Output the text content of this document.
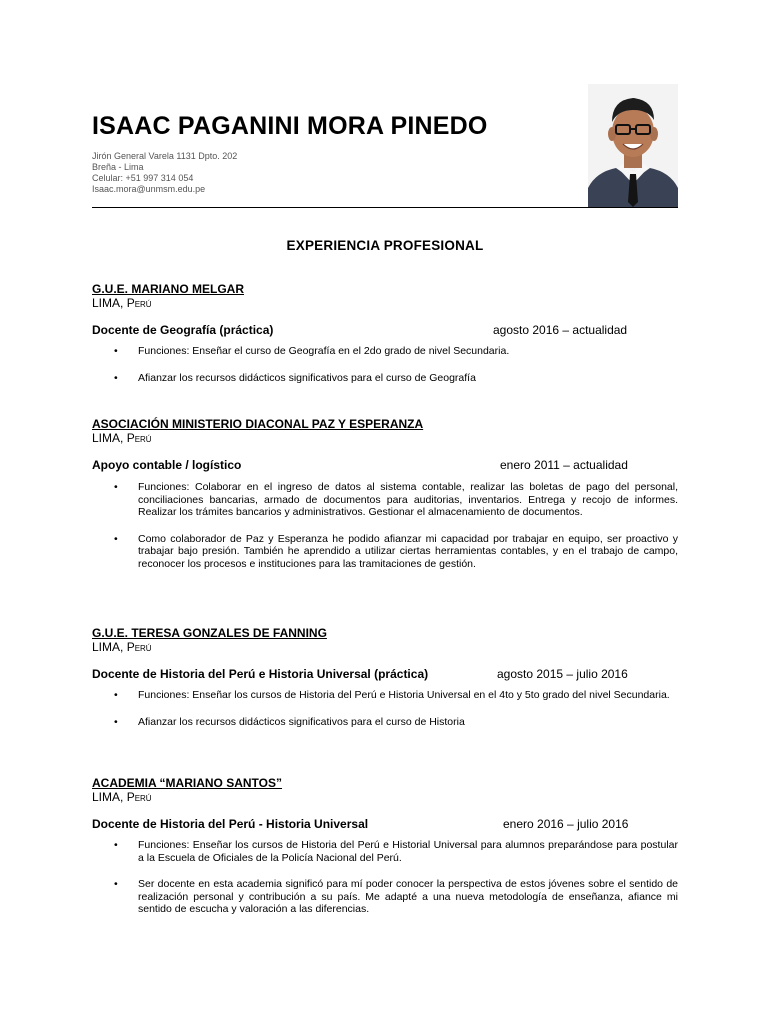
ISAAC PAGANINI MORA PINEDO
Jirón General Varela 1131 Dpto. 202
Breña - Lima
Celular: +51 997 314 054
Isaac.mora@unmsm.edu.pe
EXPERIENCIA PROFESIONAL
G.U.E. MARIANO MELGAR
LIMA, Perú
Docente de Geografía (práctica)	agosto 2016 – actualidad
• Funciones: Enseñar el curso de Geografía en el 2do grado de nivel Secundaria.
• Afianzar los recursos didácticos significativos para el curso de Geografía
ASOCIACIÓN MINISTERIO DIACONAL PAZ Y ESPERANZA
LIMA, Perú
Apoyo contable / logístico	enero 2011 – actualidad
• Funciones: Colaborar en el ingreso de datos al sistema contable, realizar las boletas de pago del personal, conciliaciones bancarias, armado de documentos para auditorias, inventarios. Entrega y recojo de informes. Realizar los trámites bancarios y administrativos. Gestionar el almacenamiento de documentos.
• Como colaborador de Paz y Esperanza he podido afianzar mi capacidad por trabajar en equipo, ser proactivo y trabajar bajo presión. También he aprendido a utilizar ciertas herramientas contables, y en el trabajo de campo, reconocer los procesos e instituciones para las tramitaciones de gestión.
G.U.E. TERESA GONZALES DE FANNING
LIMA, Perú
Docente de Historia del Perú e Historia Universal (práctica)	agosto 2015 – julio 2016
• Funciones: Enseñar los cursos de Historia del Perú e Historia Universal en el 4to y 5to grado del nivel Secundaria.
• Afianzar los recursos didácticos significativos para el curso de Historia
ACADEMIA “MARIANO SANTOS”
LIMA, Perú
Docente de Historia del Perú - Historia Universal	enero 2016 – julio 2016
• Funciones: Enseñar los cursos de Historia del Perú e Historial Universal para alumnos preparándose para postular a la Escuela de Oficiales de la Policía Nacional del Perú.
• Ser docente en esta academia significó para mí poder conocer la perspectiva de estos jóvenes sobre el sentido de realización personal y contribución a su país. Me adapté a una nueva metodología de enseñanza, afiance mi sentido de escucha y valoración a las diferencias.
